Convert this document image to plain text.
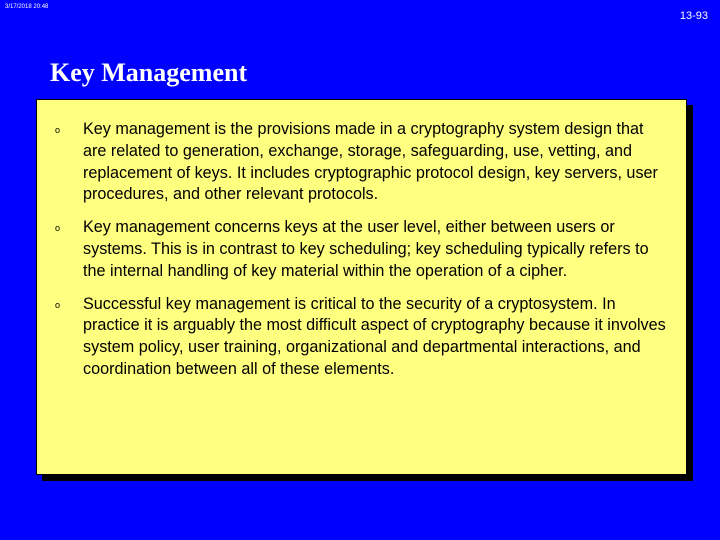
3/17/2018 20:48
13-93
Key Management
o Key management is the provisions made in a cryptography system design that are related to generation, exchange, storage, safeguarding, use, vetting, and replacement of keys. It includes cryptographic protocol design, key servers, user procedures, and other relevant protocols.
o Key management concerns keys at the user level, either between users or systems. This is in contrast to key scheduling; key scheduling typically refers to the internal handling of key material within the operation of a cipher.
o Successful key management is critical to the security of a cryptosystem. In practice it is arguably the most difficult aspect of cryptography because it involves system policy, user training, organizational and departmental interactions, and coordination between all of these elements.
